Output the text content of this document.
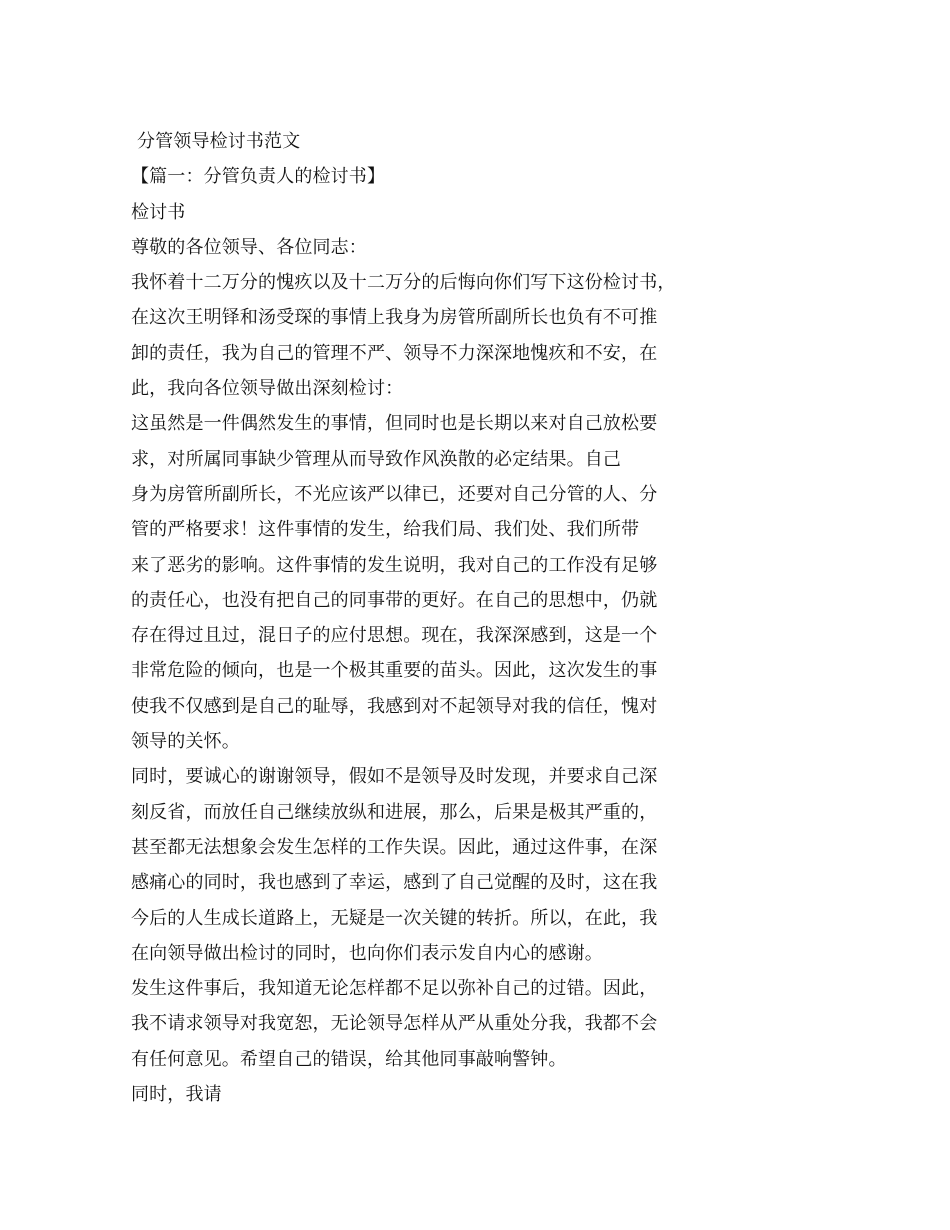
分管领导检讨书范文
【篇一：分管负责人的检讨书】
检讨书
尊敬的各位领导、各位同志：
我怀着十二万分的愧疚以及十二万分的后悔向你们写下这份检讨书，
在这次王明铎和汤受琛的事情上我身为房管所副所长也负有不可推
卸的责任，我为自己的管理不严、领导不力深深地愧疚和不安，在
此，我向各位领导做出深刻检讨：
这虽然是一件偶然发生的事情，但同时也是长期以来对自己放松要
求，对所属同事缺少管理从而导致作风涣散的必定结果。自己
身为房管所副所长，不光应该严以律已，还要对自己分管的人、分
管的严格要求！这件事情的发生，给我们局、我们处、我们所带
来了恶劣的影响。这件事情的发生说明，我对自己的工作没有足够
的责任心，也没有把自己的同事带的更好。在自己的思想中，仍就
存在得过且过，混日子的应付思想。现在，我深深感到，这是一个
非常危险的倾向，也是一个极其重要的苗头。因此，这次发生的事
使我不仅感到是自己的耻辱，我感到对不起领导对我的信任，愧对
领导的关怀。
同时，要诚心的谢谢领导，假如不是领导及时发现，并要求自己深
刻反省，而放任自己继续放纵和进展，那么，后果是极其严重的，
甚至都无法想象会发生怎样的工作失误。因此，通过这件事，在深
感痛心的同时，我也感到了幸运，感到了自己觉醒的及时，这在我
今后的人生成长道路上，无疑是一次关键的转折。所以，在此，我
在向领导做出检讨的同时，也向你们表示发自内心的感谢。
发生这件事后，我知道无论怎样都不足以弥补自己的过错。因此，
我不请求领导对我宽恕，无论领导怎样从严从重处分我，我都不会
有任何意见。希望自己的错误，给其他同事敲响警钟。
同时，我请
